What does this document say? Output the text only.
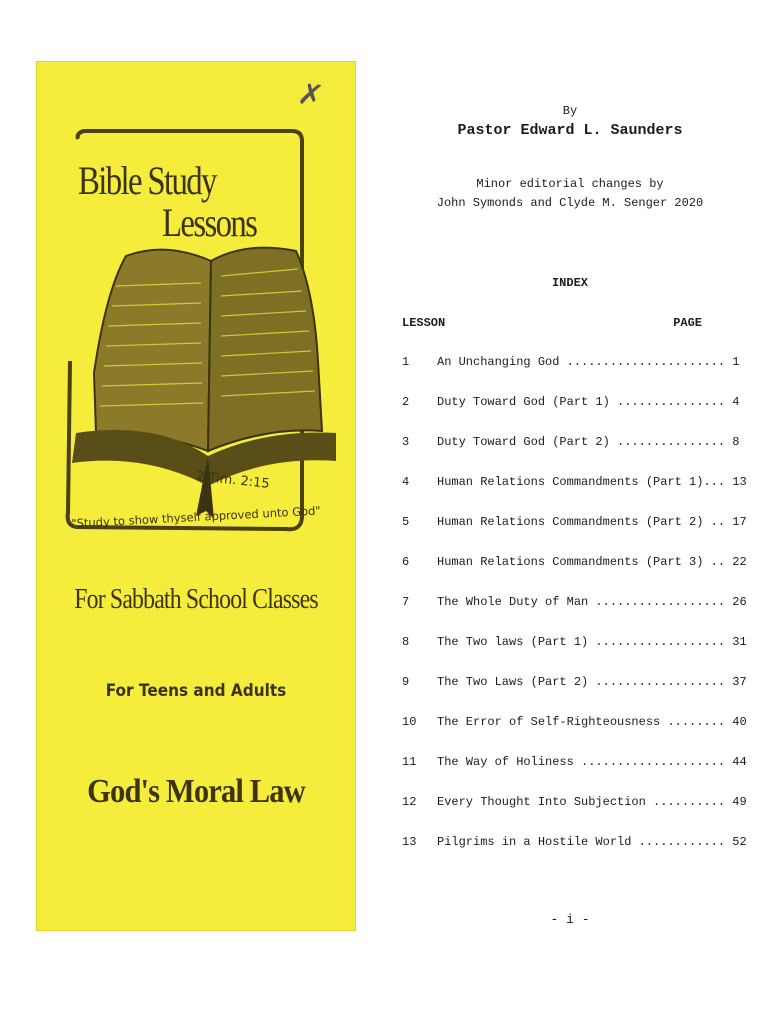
Bible Study
Lessons
2 Tim. 2:15
"Study to show thyself approved unto God"
For Sabbath School Classes
For Teens and Adults
God's Moral Law
✗	By
Pastor Edward L. Saunders
Minor editorial changes by
John Symonds and Clyde M. Senger 2020
INDEX
LESSON	PAGE
1 An Unchanging God ...................... 1
2 Duty Toward God (Part 1) ............... 4
3 Duty Toward God (Part 2) ............... 8
4 Human Relations Commandments (Part 1)... 13
5 Human Relations Commandments (Part 2) .. 17
6 Human Relations Commandments (Part 3) .. 22
7 The Whole Duty of Man .................. 26
8 The Two laws (Part 1) .................. 31
9 The Two Laws (Part 2) .................. 37
10 The Error of Self-Righteousness ........ 40
11 The Way of Holiness .................... 44
12 Every Thought Into Subjection .......... 49
13 Pilgrims in a Hostile World ............ 52
- i -
